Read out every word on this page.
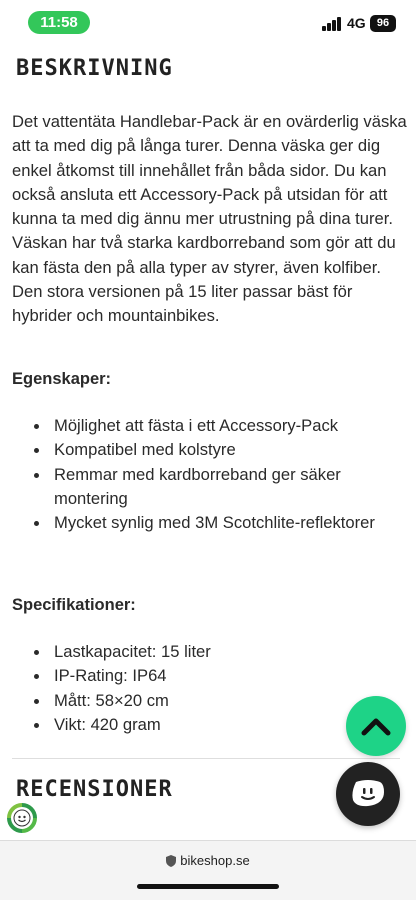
11:58	4G	96
BESKRIVNING

Det vattentäta Handlebar-Pack är en ovärderlig väska att ta med dig på långa turer. Denna väska ger dig enkel åtkomst till innehållet från båda sidor. Du kan också ansluta ett Accessory-Pack på utsidan för att kunna ta med dig ännu mer utrustning på dina turer. Väskan har två starka kardborreband som gör att du kan fästa den på alla typer av styrer, även kolfiber. Den stora versionen på 15 liter passar bäst för hybrider och mountainbikes.

Egenskaper:
Möjlighet att fästa i ett Accessory-Pack
Kompatibel med kolstyre
Remmar med kardborreband ger säker montering
Mycket synlig med 3M Scotchlite-reflektorer
Specifikationer:
Lastkapacitet: 15 liter
IP-Rating: IP64
Mått: 58×20 cm
Vikt: 420 gram
RECENSIONER
bikeshop.se
